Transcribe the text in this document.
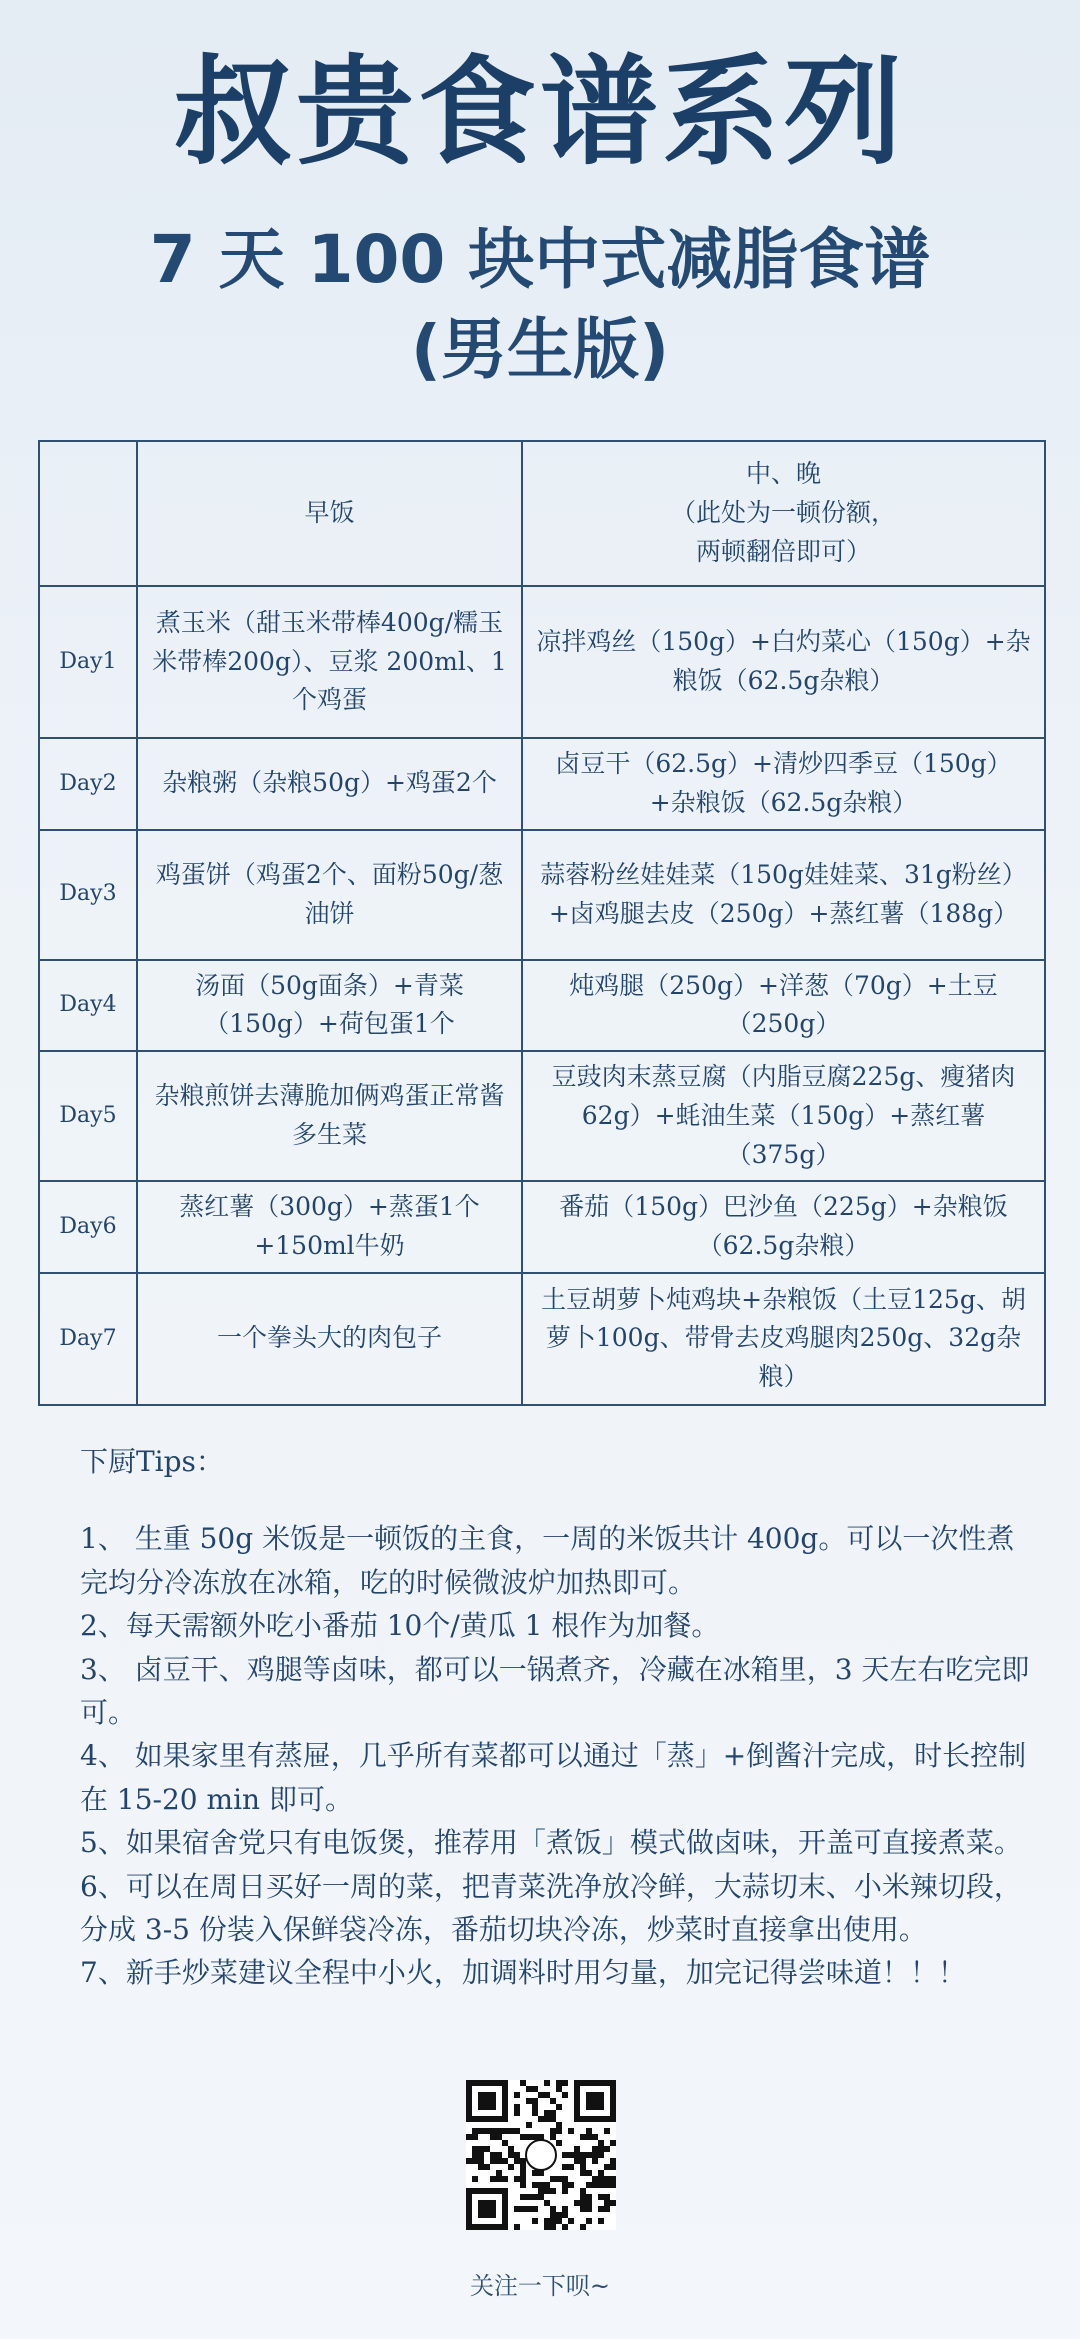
叔贵食谱系列
7 天 100 块中式减脂食谱
(男生版)
	早饭	中、晚
（此处为一顿份额，
两顿翻倍即可）

Day1	煮玉米（甜玉米带棒400g/糯玉米带棒200g）、豆浆 200ml、1个鸡蛋	凉拌鸡丝（150g）+白灼菜心（150g）+杂粮饭（62.5g杂粮）
Day2	杂粮粥（杂粮50g）+鸡蛋2个	卤豆干（62.5g）+清炒四季豆（150g）+杂粮饭（62.5g杂粮）
Day3	鸡蛋饼（鸡蛋2个、面粉50g/葱油饼	蒜蓉粉丝娃娃菜（150g娃娃菜、31g粉丝）+卤鸡腿去皮（250g）+蒸红薯（188g）
Day4	汤面（50g面条）+青菜（150g）+荷包蛋1个	炖鸡腿（250g）+洋葱（70g）+土豆（250g）
Day5	杂粮煎饼去薄脆加俩鸡蛋正常酱多生菜	豆豉肉末蒸豆腐（内脂豆腐225g、瘦猪肉62g）+蚝油生菜（150g）+蒸红薯（375g）
Day6	蒸红薯（300g）+蒸蛋1个+150ml牛奶	番茄（150g）巴沙鱼（225g）+杂粮饭（62.5g杂粮）
Day7	一个拳头大的肉包子	土豆胡萝卜炖鸡块+杂粮饭（土豆125g、胡萝卜100g、带骨去皮鸡腿肉250g、32g杂粮）
下厨Tips：
1、 生重 50g 米饭是一顿饭的主食，一周的米饭共计 400g。可以一次性煮完均分冷冻放在冰箱，吃的时候微波炉加热即可。
2、每天需额外吃小番茄 10个/黄瓜 1 根作为加餐。
3、 卤豆干、鸡腿等卤味，都可以一锅煮齐，冷藏在冰箱里，3 天左右吃完即可。
4、 如果家里有蒸屉，几乎所有菜都可以通过「蒸」+倒酱汁完成，时长控制在 15-20 min 即可。
5、如果宿舍党只有电饭煲，推荐用「煮饭」模式做卤味，开盖可直接煮菜。
6、可以在周日买好一周的菜，把青菜洗净放冷鲜，大蒜切末、小米辣切段，分成 3-5 份装入保鲜袋冷冻，番茄切块冷冻，炒菜时直接拿出使用。
7、新手炒菜建议全程中小火，加调料时用匀量，加完记得尝味道！！！
关注一下呗~
